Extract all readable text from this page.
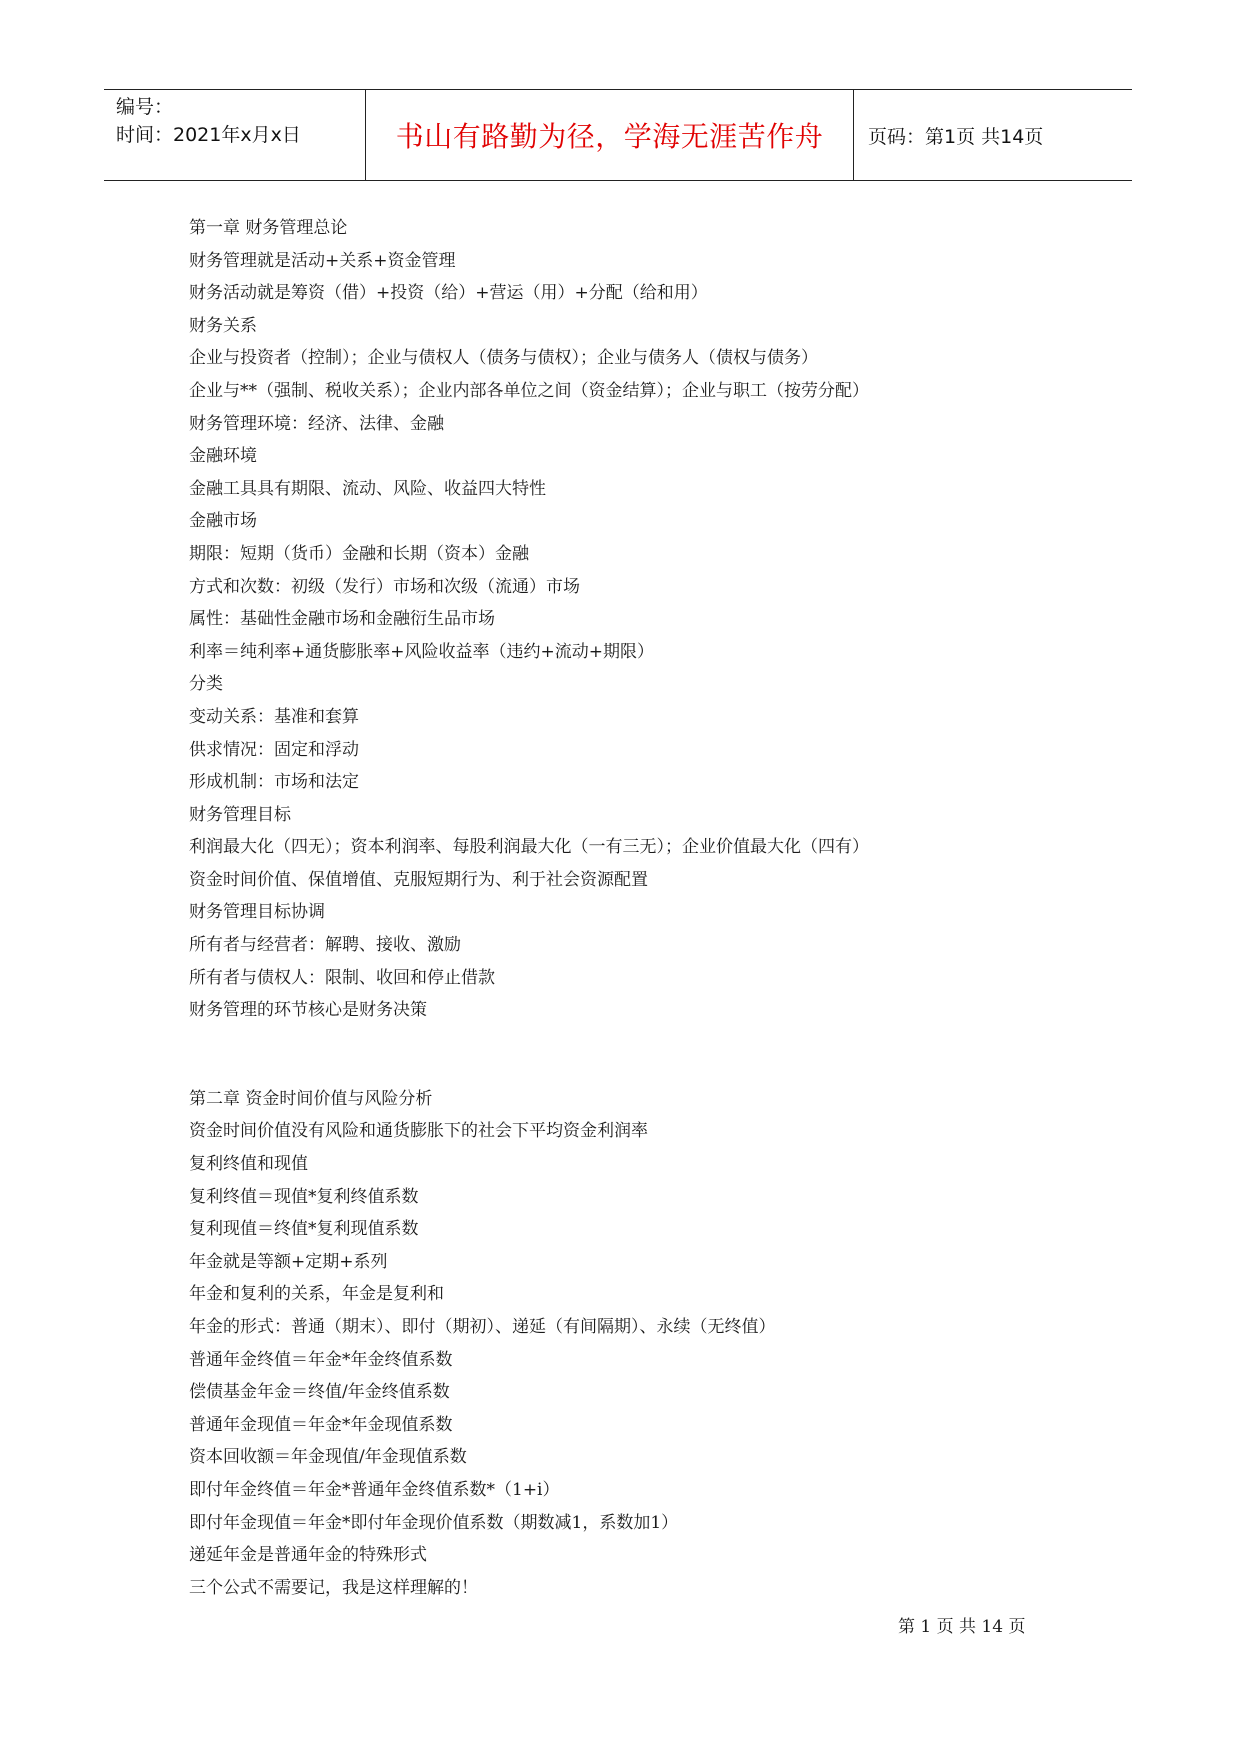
编号：
时间：2021年x月x日	书山有路勤为径，学海无涯苦作舟 页码：第1页 共14页
第一章 财务管理总论
财务管理就是活动+关系+资金管理
财务活动就是筹资（借）+投资（给）+营运（用）+分配（给和用）
财务关系
企业与投资者（控制）；企业与债权人（债务与债权）；企业与债务人（债权与债务）
企业与**（强制、税收关系）；企业内部各单位之间（资金结算）；企业与职工（按劳分配）
财务管理环境：经济、法律、金融
金融环境
金融工具具有期限、流动、风险、收益四大特性
金融市场
期限：短期（货币）金融和长期（资本）金融
方式和次数：初级（发行）市场和次级（流通）市场
属性：基础性金融市场和金融衍生品市场
利率＝纯利率+通货膨胀率+风险收益率（违约+流动+期限）
分类
变动关系：基准和套算
供求情况：固定和浮动
形成机制：市场和法定
财务管理目标
利润最大化（四无）；资本利润率、每股利润最大化（一有三无）；企业价值最大化（四有）
资金时间价值、保值增值、克服短期行为、利于社会资源配置
财务管理目标协调
所有者与经营者：解聘、接收、激励
所有者与债权人：限制、收回和停止借款
财务管理的环节核心是财务决策
第二章 资金时间价值与风险分析
资金时间价值没有风险和通货膨胀下的社会下平均资金利润率
复利终值和现值
复利终值＝现值*复利终值系数
复利现值＝终值*复利现值系数
年金就是等额+定期+系列
年金和复利的关系，年金是复利和
年金的形式：普通（期末）、即付（期初）、递延（有间隔期）、永续（无终值）
普通年金终值＝年金*年金终值系数
偿债基金年金＝终值/年金终值系数
普通年金现值＝年金*年金现值系数
资本回收额＝年金现值/年金现值系数
即付年金终值＝年金*普通年金终值系数*（1+i）
即付年金现值＝年金*即付年金现价值系数（期数减1，系数加1）
递延年金是普通年金的特殊形式
三个公式不需要记，我是这样理解的！
第 1 页 共 14 页
